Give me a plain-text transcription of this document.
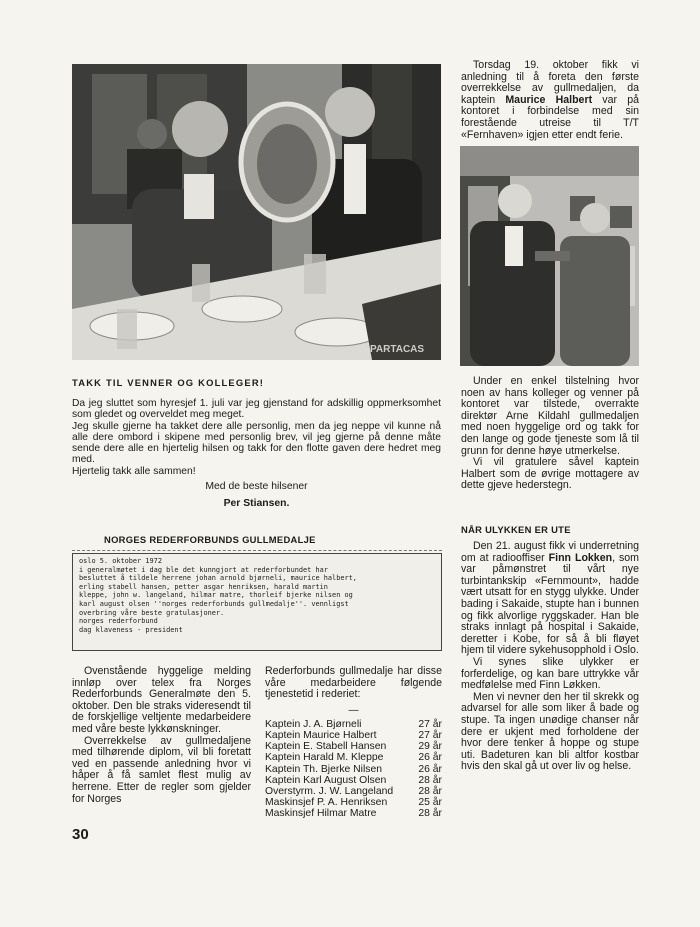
PARTACAS

Torsdag 19. oktober fikk vi anledning til å foreta den første overrekkelse av gullmedaljen, da kaptein Maurice Halbert var på kontoret i forbindelse med sin forestående utreise til T/T «Fernhaven» igjen etter endt ferie.

Under en enkel tilstelning hvor noen av hans kolleger og venner på kontoret var tilstede, overrakte direktør Arne Kildahl gullmedaljen med noen hyggelige ord og takk for den lange og gode tjeneste som lå til grunn for denne høye utmerkelse.

Vi vil gratulere såvel kaptein Halbert som de øvrige mottagere av dette gjeve hederstegn.

TAKK TIL VENNER OG KOLLEGER!

Da jeg sluttet som hyresjef 1. juli var jeg gjenstand for adskillig oppmerksomhet som gledet og overveldet meg meget.

Jeg skulle gjerne ha takket dere alle personlig, men da jeg neppe vil kunne nå alle dere ombord i skipene med personlig brev, vil jeg gjerne på denne måte sende dere alle en hjertelig hilsen og takk for den flotte gaven dere hedret meg med.

Hjertelig takk alle sammen!

Med de beste hilsener
Per Stiansen.
NORGES REDERFORBUNDS GULLMEDALJE
oslo 5. oktober 1972
i generalmøtet i dag ble det kunngjort at rederforbundet har
besluttet å tildele herrene johan arnold bjørneli, maurice halbert,
erling stabell hansen, petter asgar henriksen, harald martin
kleppe, john w. langeland, hilmar matre, thorleif bjerke nilsen og
karl august olsen ''norges rederforbunds gullmedalje''. vennligst
overbring våre beste gratulasjoner.
norges rederforbund
dag klaveness - president

Ovenstående hyggelige melding innløp over telex fra Norges Rederforbunds Generalmøte den 5. oktober. Den ble straks videresendt til de forskjellige veltjente medarbeidere med våre beste lykkønskninger.

Overrekkelse av gullmedaljene med tilhørende diplom, vil bli foretatt ved en passende anledning hvor vi håper å få samlet flest mulig av herrene. Etter de regler som gjelder for Norges

Rederforbunds gullmedalje har disse våre medarbeidere følgende tjenestetid i rederiet:

—
Kaptein J. A. Bjørneli	27 år
Kaptein Maurice Halbert	27 år
Kaptein E. Stabell Hansen	29 år
Kaptein Harald M. Kleppe	26 år
Kaptein Th. Bjerke Nilsen	26 år
Kaptein Karl August Olsen	28 år
Overstyrm. J. W. Langeland 28 år
Maskinsjef P. A. Henriksen	25 år
Maskinsjef Hilmar Matre	28 år
NÅR ULYKKEN ER UTE

Den 21. august fikk vi underretning om at radiooffiser Finn Lokken, som var påmønstret til vårt nye turbintankskip «Fernmount», hadde vært utsatt for en stygg ulykke. Under bading i Sakaide, stupte han i bunnen og fikk alvorlige ryggskader. Han ble straks innlagt på hospital i Sakaide, deretter i Kobe, for så å bli fløyet hjem til videre sykehusopphold i Oslo.

Vi synes slike ulykker er forferdelige, og kan bare uttrykke vår medfølelse med Finn Løkken.

Men vi nevner den her til skrekk og advarsel for alle som liker å bade og stupe. Ta ingen unødige chanser når dere er ukjent med forholdene der hvor dere tenker å hoppe og stupe uti. Badeturen kan bli altfor kostbar hvis den skal gå ut over liv og helse.

30
